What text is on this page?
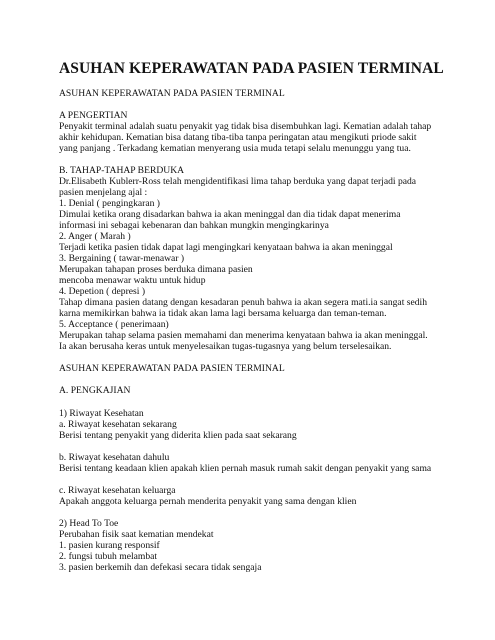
ASUHAN KEPERAWATAN PADA PASIEN TERMINAL

ASUHAN KEPERAWATAN PADA PASIEN TERMINAL

A PENGERTIAN

Penyakit terminal adalah suatu penyakit yag tidak bisa disembuhkan lagi. Kematian adalah tahap

akhir kehidupan. Kematian bisa datang tiba-tiba tanpa peringatan atau mengikuti priode sakit

yang panjang . Terkadang kematian menyerang usia muda tetapi selalu menunggu yang tua.

B. TAHAP-TAHAP BERDUKA

Dr.Elisabeth Kublerr-Ross telah mengidentifikasi lima tahap berduka yang dapat terjadi pada

pasien menjelang ajal :

1. Denial ( pengingkaran )

Dimulai ketika orang disadarkan bahwa ia akan meninggal dan dia tidak dapat menerima

informasi ini sebagai kebenaran dan bahkan mungkin mengingkarinya

2. Anger ( Marah )

Terjadi ketika pasien tidak dapat lagi mengingkari kenyataan bahwa ia akan meninggal

3. Bergaining ( tawar-menawar )

Merupakan tahapan proses berduka dimana pasien

mencoba menawar waktu untuk hidup

4. Depetion ( depresi )

Tahap dimana pasien datang dengan kesadaran penuh bahwa ia akan segera mati.ia sangat sedih

karna memikirkan bahwa ia tidak akan lama lagi bersama keluarga dan teman-teman.

5. Acceptance ( penerimaan)

Merupakan tahap selama pasien memahami dan menerima kenyataan bahwa ia akan meninggal.

Ia akan berusaha keras untuk menyelesaikan tugas-tugasnya yang belum terselesaikan.

ASUHAN KEPERAWATAN PADA PASIEN TERMINAL

A. PENGKAJIAN

1) Riwayat Kesehatan

a. Riwayat kesehatan sekarang

Berisi tentang penyakit yang diderita klien pada saat sekarang

b. Riwayat kesehatan dahulu

Berisi tentang keadaan klien apakah klien pernah masuk rumah sakit dengan penyakit yang sama

c. Riwayat kesehatan keluarga

Apakah anggota keluarga pernah menderita penyakit yang sama dengan klien

2) Head To Toe

Perubahan fisik saat kematian mendekat

1. pasien kurang responsif

2. fungsi tubuh melambat

3. pasien berkemih dan defekasi secara tidak sengaja
